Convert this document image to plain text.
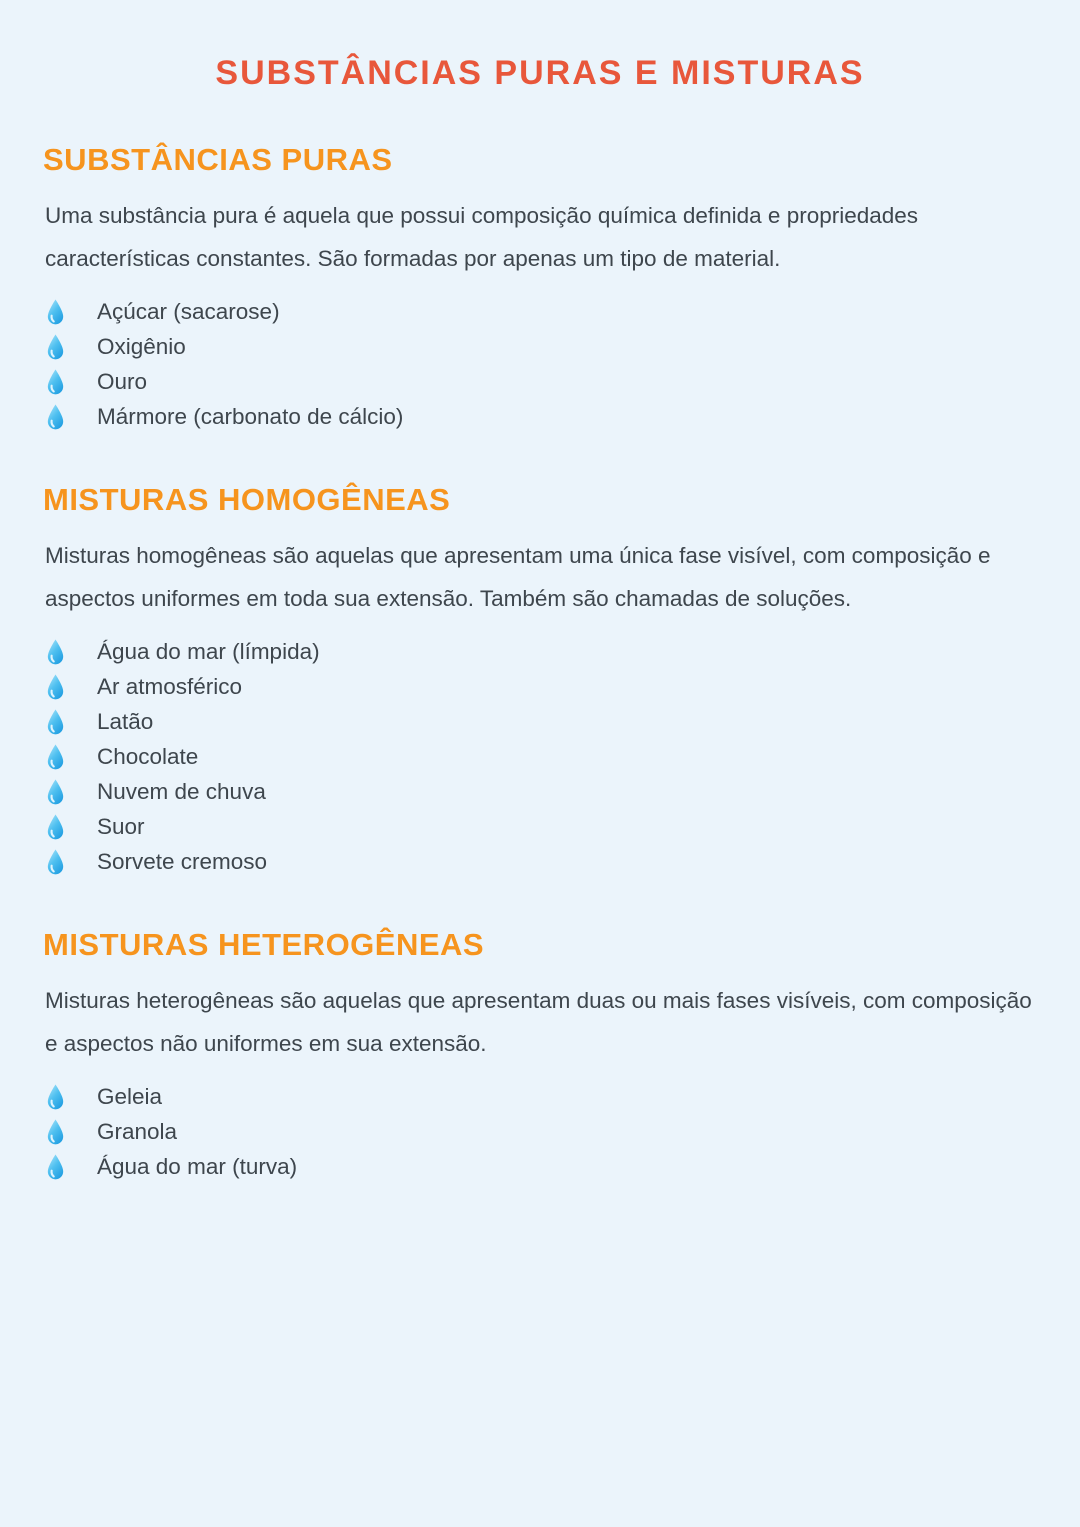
SUBSTÂNCIAS PURAS E MISTURAS
SUBSTÂNCIAS PURAS

Uma substância pura é aquela que possui composição química definida e propriedades características constantes. São formadas por apenas um tipo de material.

Açúcar (sacarose)
Oxigênio
Ouro
Mármore (carbonato de cálcio)
MISTURAS HOMOGÊNEAS

Misturas homogêneas são aquelas que apresentam uma única fase visível, com composição e aspectos uniformes em toda sua extensão. Também são chamadas de soluções.

Água do mar (límpida)
Ar atmosférico
Latão
Chocolate
Nuvem de chuva
Suor
Sorvete cremoso
MISTURAS HETEROGÊNEAS

Misturas heterogêneas são aquelas que apresentam duas ou mais fases visíveis, com composição e aspectos não uniformes em sua extensão.

Geleia
Granola
Água do mar (turva)
